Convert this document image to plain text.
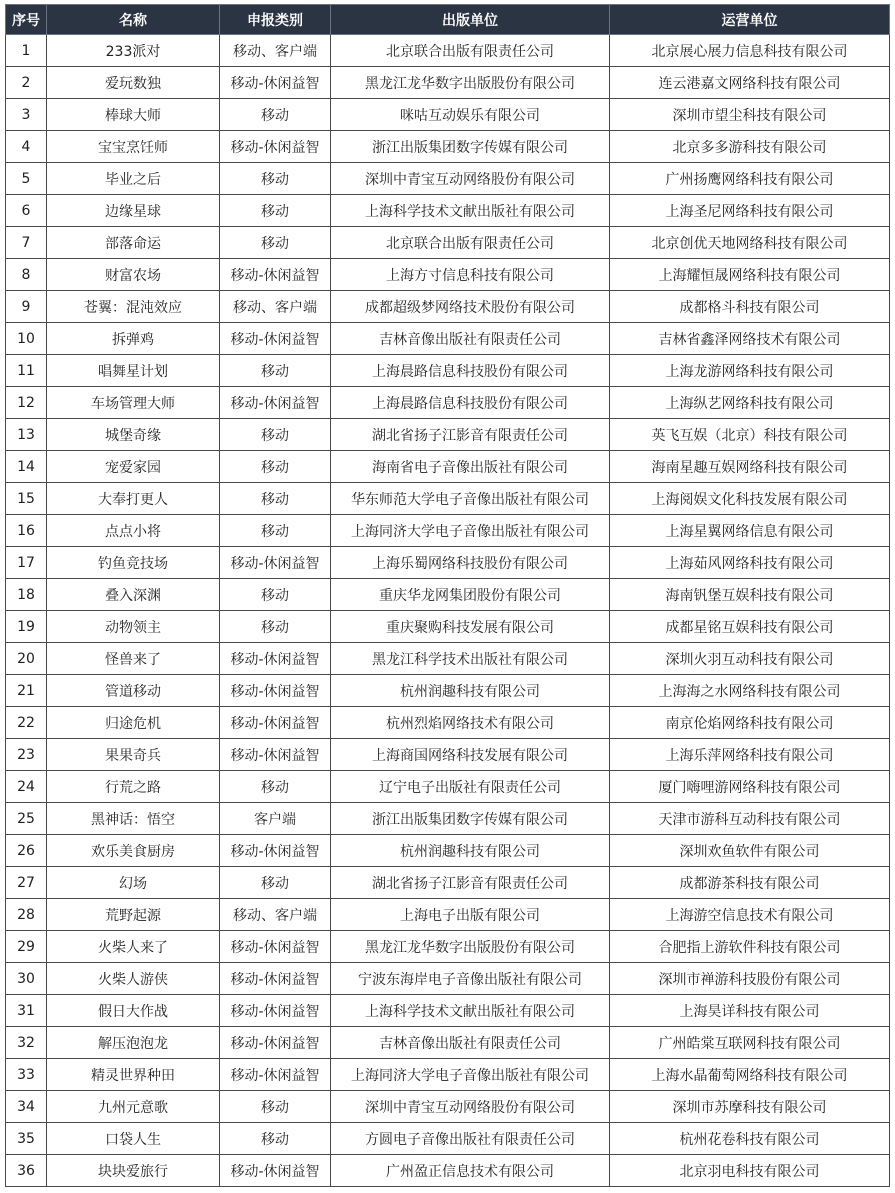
序号	名称	申报类别	出版单位	运营单位
1	233派对	移动、客户端	北京联合出版有限责任公司	北京展心展力信息科技有限公司
2	爱玩数独	移动-休闲益智	黑龙江龙华数字出版股份有限公司	连云港嘉文网络科技有限公司
3	棒球大师	移动	咪咕互动娱乐有限公司	深圳市望尘科技有限公司
4	宝宝烹饪师	移动-休闲益智	浙江出版集团数字传媒有限公司	北京多多游科技有限公司
5	毕业之后	移动	深圳中青宝互动网络股份有限公司	广州扬鹰网络科技有限公司
6	边缘星球	移动	上海科学技术文献出版社有限公司	上海圣尼网络科技有限公司
7	部落命运	移动	北京联合出版有限责任公司	北京创优天地网络科技有限公司
8	财富农场	移动-休闲益智	上海方寸信息科技有限公司	上海耀恒晟网络科技有限公司
9	苍翼：混沌效应	移动、客户端	成都超级梦网络技术股份有限公司	成都格斗科技有限公司
10	拆弹鸡	移动-休闲益智	吉林音像出版社有限责任公司	吉林省鑫泽网络技术有限公司
11	唱舞星计划	移动	上海晨路信息科技股份有限公司	上海龙游网络科技有限公司
12	车场管理大师	移动-休闲益智	上海晨路信息科技股份有限公司	上海纵艺网络科技有限公司
13	城堡奇缘	移动	湖北省扬子江影音有限责任公司	英飞互娱（北京）科技有限公司
14	宠爱家园	移动	海南省电子音像出版社有限公司	海南星趣互娱网络科技有限公司
15	大奉打更人	移动	华东师范大学电子音像出版社有限公司	上海阅娱文化科技发展有限公司
16	点点小将	移动	上海同济大学电子音像出版社有限公司	上海星翼网络信息有限公司
17	钓鱼竞技场	移动-休闲益智	上海乐蜀网络科技股份有限公司	上海茹风网络科技有限公司
18	叠入深渊	移动	重庆华龙网集团股份有限公司	海南钒堡互娱科技有限公司
19	动物领主	移动	重庆聚购科技发展有限公司	成都星铭互娱科技有限公司
20	怪兽来了	移动-休闲益智	黑龙江科学技术出版社有限公司	深圳火羽互动科技有限公司
21	管道移动	移动-休闲益智	杭州润趣科技有限公司	上海海之水网络科技有限公司
22	归途危机	移动-休闲益智	杭州烈焰网络技术有限公司	南京伦焰网络科技有限公司
23	果果奇兵	移动-休闲益智	上海商国网络科技发展有限公司	上海乐萍网络科技有限公司
24	行荒之路	移动	辽宁电子出版社有限责任公司	厦门嗨哩游网络科技有限公司
25	黑神话：悟空	客户端	浙江出版集团数字传媒有限公司	天津市游科互动科技有限公司
26	欢乐美食厨房	移动-休闲益智	杭州润趣科技有限公司	深圳欢鱼软件有限公司
27	幻场	移动	湖北省扬子江影音有限责任公司	成都游茶科技有限公司
28	荒野起源	移动、客户端	上海电子出版有限公司	上海游空信息技术有限公司
29	火柴人来了	移动-休闲益智	黑龙江龙华数字出版股份有限公司	合肥指上游软件科技有限公司
30	火柴人游侠	移动-休闲益智	宁波东海岸电子音像出版社有限公司	深圳市禅游科技股份有限公司
31	假日大作战	移动-休闲益智	上海科学技术文献出版社有限公司	上海昊详科技有限公司
32	解压泡泡龙	移动-休闲益智	吉林音像出版社有限责任公司	广州皓棠互联网科技有限公司
33	精灵世界种田	移动-休闲益智	上海同济大学电子音像出版社有限公司	上海水晶葡萄网络科技有限公司
34	九州元意歌	移动	深圳中青宝互动网络股份有限公司	深圳市苏摩科技有限公司
35	口袋人生	移动	方圆电子音像出版社有限责任公司	杭州花卷科技有限公司
36	块块爱旅行	移动-休闲益智	广州盈正信息技术有限公司	北京羽电科技有限公司
